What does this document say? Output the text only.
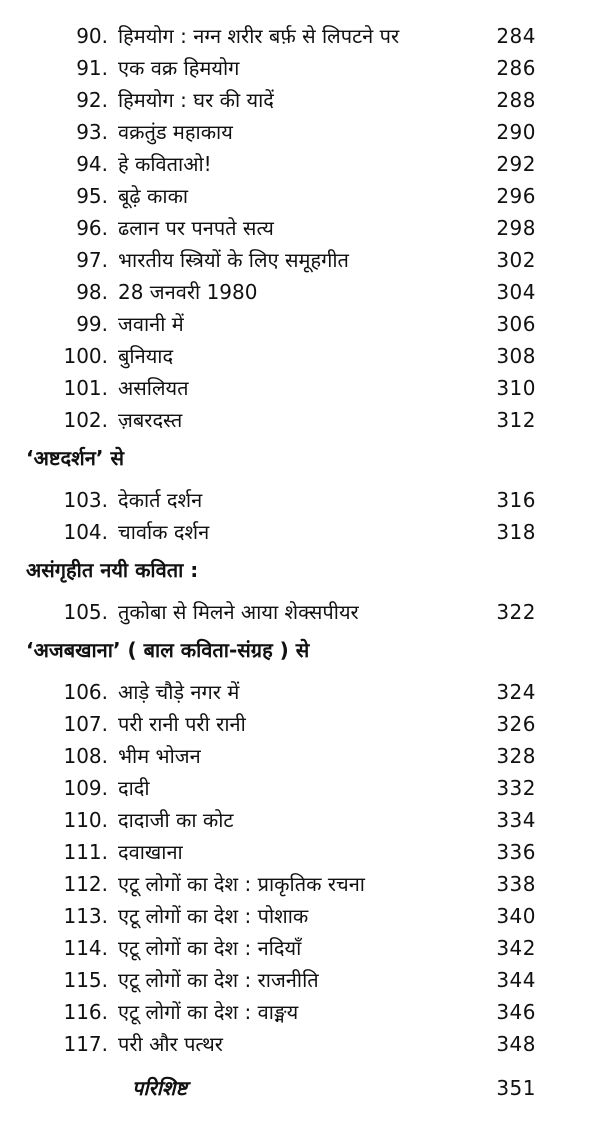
90. हिमयोग : नग्न शरीर बर्फ़ से लिपटने पर	284
91. एक वक्र हिमयोग	286
92. हिमयोग : घर की यादें	288
93. वक्रतुंड महाकाय	290
94. हे कविताओ!	292
95. बूढ़े काका	296
96. ढलान पर पनपते सत्य	298
97. भारतीय स्त्रियों के लिए समूहगीत	302
98. 28 जनवरी 1980	304
99. जवानी में	306
100. बुनियाद	308
101. असलियत	310
102. ज़बरदस्त	312
‘अष्टदर्शन’ से
103. देकार्त दर्शन	316
104. चार्वाक दर्शन	318
असंगृहीत नयी कविता :
105. तुकोबा से मिलने आया शेक्सपीयर	322
‘अजबखाना’ ( बाल कविता-संग्रह ) से
106. आड़े चौड़े नगर में	324
107. परी रानी परी रानी	326
108. भीम भोजन	328
109. दादी	332
110. दादाजी का कोट	334
111. दवाखाना	336
112. एटू लोगों का देश : प्राकृतिक रचना	338
113. एटू लोगों का देश : पोशाक	340
114. एटू लोगों का देश : नदियाँ	342
115. एटू लोगों का देश : राजनीति	344
116. एटू लोगों का देश : वाङ्मय	346
117. परी और पत्थर	348
परिशिष्ट	351
